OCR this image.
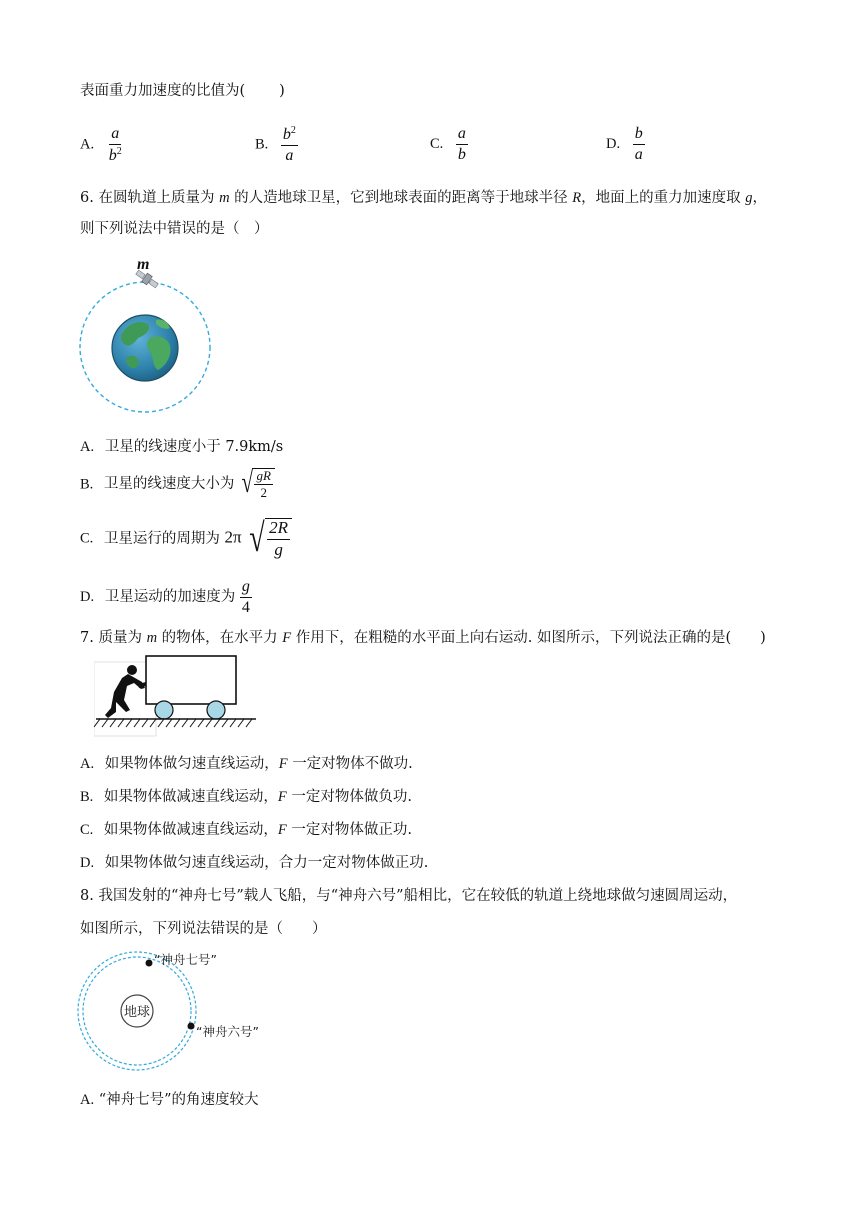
表面重力加速度的比值为( )
A. $\frac{a}{b^2}$	B. $\frac{b^2}{a}$	C. $\frac{a}{b}$	D. $\frac{b}{a}$
6. 在圆轨道上质量为 m 的人造地球卫星，它到地球表面的距离等于地球半径 R，地面上的重力加速度取 g，
则下列说法中错误的是（　）
m
A. 卫星的线速度小于 7.9km/s
B. 卫星的线速度大小为 √ $\frac{gR}{2}$
C. 卫星运行的周期为 2π √ $\frac{2R}{g}$
D. 卫星运动的加速度为 $\frac{g}{4}$
7. 质量为 m 的物体，在水平力 F 作用下，在粗糙的水平面上向右运动. 如图所示，下列说法正确的是(　　)
A. 如果物体做匀速直线运动，F 一定对物体不做功.
B. 如果物体做减速直线运动，F 一定对物体做负功.
C. 如果物体做减速直线运动，F 一定对物体做正功.
D. 如果物体做匀速直线运动，合力一定对物体做正功.
8. 我国发射的“神舟七号”载人飞船，与“神舟六号”船相比，它在较低的轨道上绕地球做匀速圆周运动，
如图所示，下列说法错误的是（　　）
地球
“神舟七号”
“神舟六号”
A. “神舟七号”的角速度较大
